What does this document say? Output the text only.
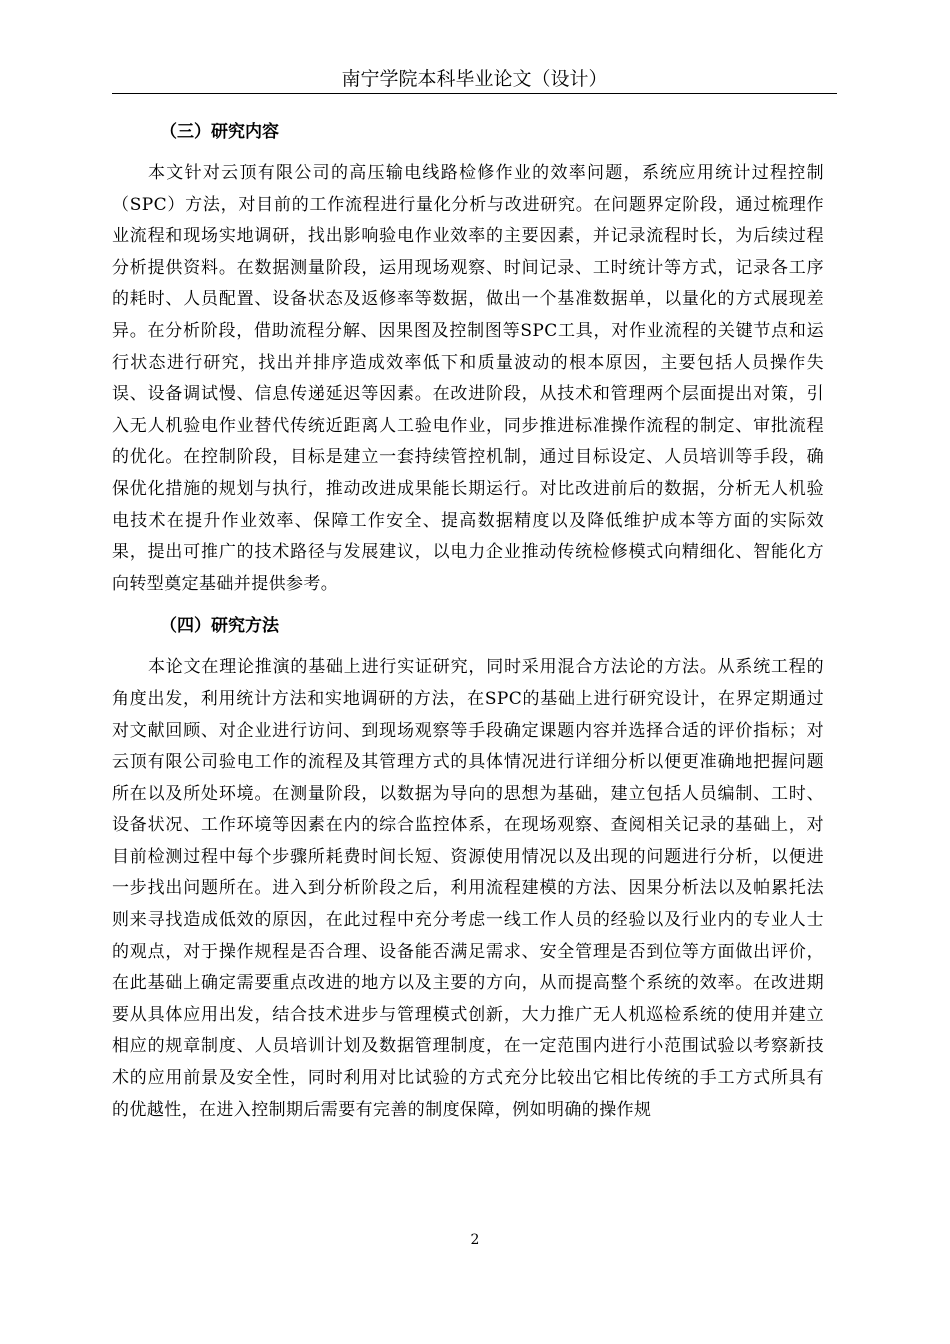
南宁学院本科毕业论文（设计）
（三）研究内容

本文针对云顶有限公司的高压输电线路检修作业的效率问题，系统应用统计过程控制（SPC）方法，对目前的工作流程进行量化分析与改进研究。在问题界定阶段，通过梳理作业流程和现场实地调研，找出影响验电作业效率的主要因素，并记录流程时长，为后续过程分析提供资料。在数据测量阶段，运用现场观察、时间记录、工时统计等方式，记录各工序的耗时、人员配置、设备状态及返修率等数据，做出一个基准数据单，以量化的方式展现差异。在分析阶段，借助流程分解、因果图及控制图等SPC工具，对作业流程的关键节点和运行状态进行研究，找出并排序造成效率低下和质量波动的根本原因，主要包括人员操作失误、设备调试慢、信息传递延迟等因素。在改进阶段，从技术和管理两个层面提出对策，引入无人机验电作业替代传统近距离人工验电作业，同步推进标准操作流程的制定、审批流程的优化。在控制阶段，目标是建立一套持续管控机制，通过目标设定、人员培训等手段，确保优化措施的规划与执行，推动改进成果能长期运行。对比改进前后的数据，分析无人机验电技术在提升作业效率、保障工作安全、提高数据精度以及降低维护成本等方面的实际效果，提出可推广的技术路径与发展建议，以电力企业推动传统检修模式向精细化、智能化方向转型奠定基础并提供参考。

（四）研究方法

本论文在理论推演的基础上进行实证研究，同时采用混合方法论的方法。从系统工程的角度出发，利用统计方法和实地调研的方法，在SPC的基础上进行研究设计，在界定期通过对文献回顾、对企业进行访问、到现场观察等手段确定课题内容并选择合适的评价指标；对云顶有限公司验电工作的流程及其管理方式的具体情况进行详细分析以便更准确地把握问题所在以及所处环境。在测量阶段，以数据为导向的思想为基础，建立包括人员编制、工时、设备状况、工作环境等因素在内的综合监控体系，在现场观察、查阅相关记录的基础上，对目前检测过程中每个步骤所耗费时间长短、资源使用情况以及出现的问题进行分析，以便进一步找出问题所在。进入到分析阶段之后，利用流程建模的方法、因果分析法以及帕累托法则来寻找造成低效的原因，在此过程中充分考虑一线工作人员的经验以及行业内的专业人士的观点，对于操作规程是否合理、设备能否满足需求、安全管理是否到位等方面做出评价，在此基础上确定需要重点改进的地方以及主要的方向，从而提高整个系统的效率。在改进期要从具体应用出发，结合技术进步与管理模式创新，大力推广无人机巡检系统的使用并建立相应的规章制度、人员培训计划及数据管理制度，在一定范围内进行小范围试验以考察新技术的应用前景及安全性，同时利用对比试验的方式充分比较出它相比传统的手工方式所具有的优越性，在进入控制期后需要有完善的制度保障，例如明确的操作规

2
